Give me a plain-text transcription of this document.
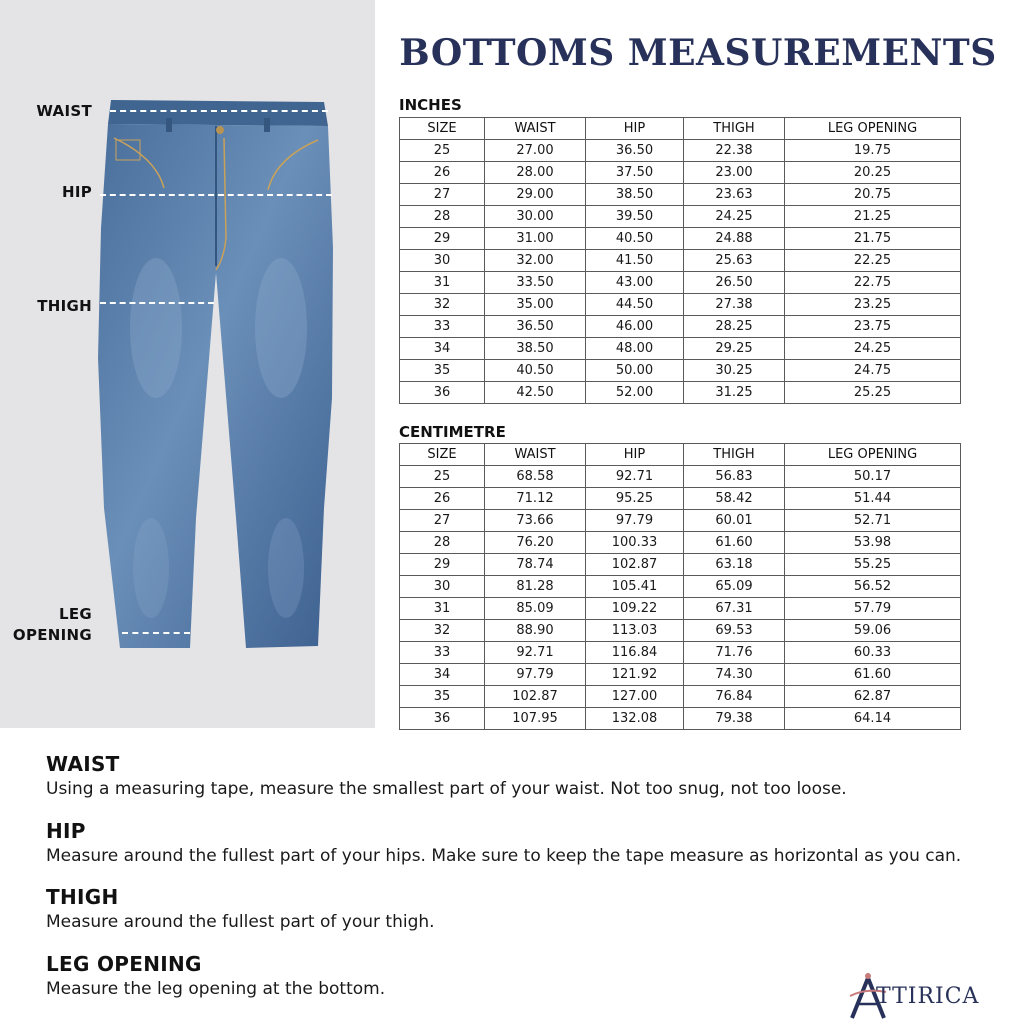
WAIST
HIP
THIGH
LEG
OPENING
BOTTOMS MEASUREMENTS
INCHES
SIZE	WAIST	HIP	THIGH	LEG OPENING
25	27.00	36.50	22.38	19.75
26	28.00	37.50	23.00	20.25
27	29.00	38.50	23.63	20.75
28	30.00	39.50	24.25	21.25
29	31.00	40.50	24.88	21.75
30	32.00	41.50	25.63	22.25
31	33.50	43.00	26.50	22.75
32	35.00	44.50	27.38	23.25
33	36.50	46.00	28.25	23.75
34	38.50	48.00	29.25	24.25
35	40.50	50.00	30.25	24.75
36	42.50	52.00	31.25	25.25
CENTIMETRE
SIZE	WAIST	HIP	THIGH	LEG OPENING
25	68.58	92.71	56.83	50.17
26	71.12	95.25	58.42	51.44
27	73.66	97.79	60.01	52.71
28	76.20	100.33	61.60	53.98
29	78.74	102.87	63.18	55.25
30	81.28	105.41	65.09	56.52
31	85.09	109.22	67.31	57.79
32	88.90	113.03	69.53	59.06
33	92.71	116.84	71.76	60.33
34	97.79	121.92	74.30	61.60
35	102.87	127.00	76.84	62.87
36	107.95	132.08	79.38	64.14
WAIST
Using a measuring tape, measure the smallest part of your waist. Not too snug, not too loose.
HIP
Measure around the fullest part of your hips. Make sure to keep the tape measure as horizontal as you can.
THIGH
Measure around the fullest part of your thigh.
LEG OPENING
Measure the leg opening at the bottom.	TTIRICA
